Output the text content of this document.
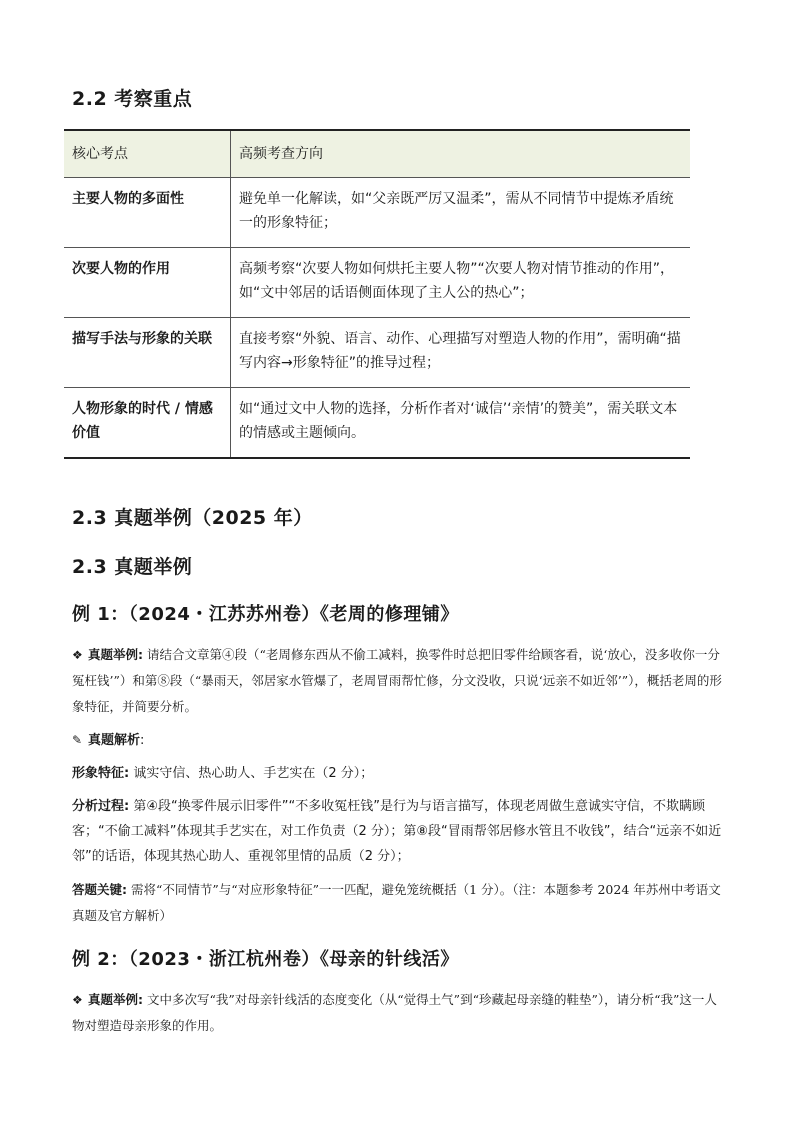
2.2 考察重点
核心考点	高频考查方向
主要人物的多面性	避免单一化解读，如“父亲既严厉又温柔”，需从不同情节中提炼矛盾统一的形象特征；
次要人物的作用	高频考察“次要人物如何烘托主要人物”“次要人物对情节推动的作用”，如“文中邻居的话语侧面体现了主人公的热心”；
描写手法与形象的关联	直接考察“外貌、语言、动作、心理描写对塑造人物的作用”，需明确“描写内容→形象特征”的推导过程；
人物形象的时代 / 情感价值	如“通过文中人物的选择，分析作者对‘诚信’‘亲情’的赞美”，需关联文本的情感或主题倾向。
2.3 真题举例（2025 年）
2.3 真题举例
例 1：（2024・江苏苏州卷）《老周的修理铺》

❖ 真题举例: 请结合文章第④段（“老周修东西从不偷工减料，换零件时总把旧零件给顾客看，说‘放心，没多收你一分冤枉钱’”）和第⑧段（“暴雨天，邻居家水管爆了，老周冒雨帮忙修，分文没收，只说‘远亲不如近邻’”），概括老周的形象特征，并简要分析。

✎ 真题解析:

形象特征: 诚实守信、热心助人、手艺实在（2 分）；

分析过程: 第④段“换零件展示旧零件”“不多收冤枉钱”是行为与语言描写，体现老周做生意诚实守信，不欺瞒顾客；“不偷工减料”体现其手艺实在，对工作负责（2 分）；第⑧段“冒雨帮邻居修水管且不收钱”，结合“远亲不如近邻”的话语，体现其热心助人、重视邻里情的品质（2 分）；

答题关键: 需将“不同情节”与“对应形象特征”一一匹配，避免笼统概括（1 分）。（注：本题参考 2024 年苏州中考语文真题及官方解析）

例 2：（2023・浙江杭州卷）《母亲的针线活》

❖ 真题举例: 文中多次写“我”对母亲针线活的态度变化（从“觉得土气”到“珍藏起母亲缝的鞋垫”），请分析“我”这一人物对塑造母亲形象的作用。
